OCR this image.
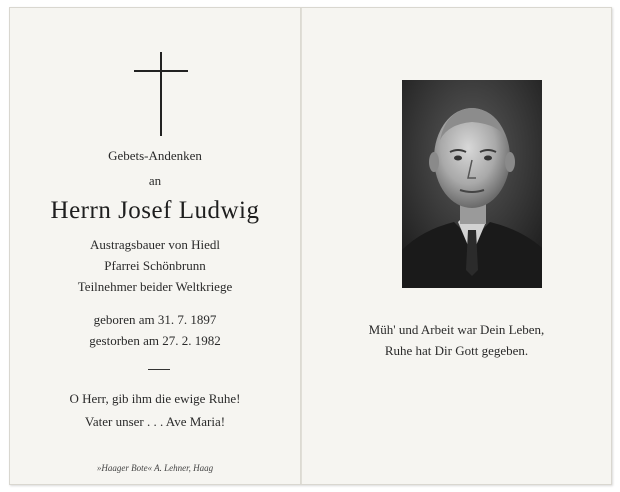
Gebets-Andenken
an
Herrn Josef Ludwig
Austragsbauer von Hiedl
Pfarrei Schönbrunn
Teilnehmer beider Weltkriege
geboren am 31. 7. 1897
gestorben am 27. 2. 1982
O Herr, gib ihm die ewige Ruhe!
Vater unser . . . Ave Maria!
»Haager Bote« A. Lehner, Haag
Müh' und Arbeit war Dein Leben,
Ruhe hat Dir Gott gegeben.
